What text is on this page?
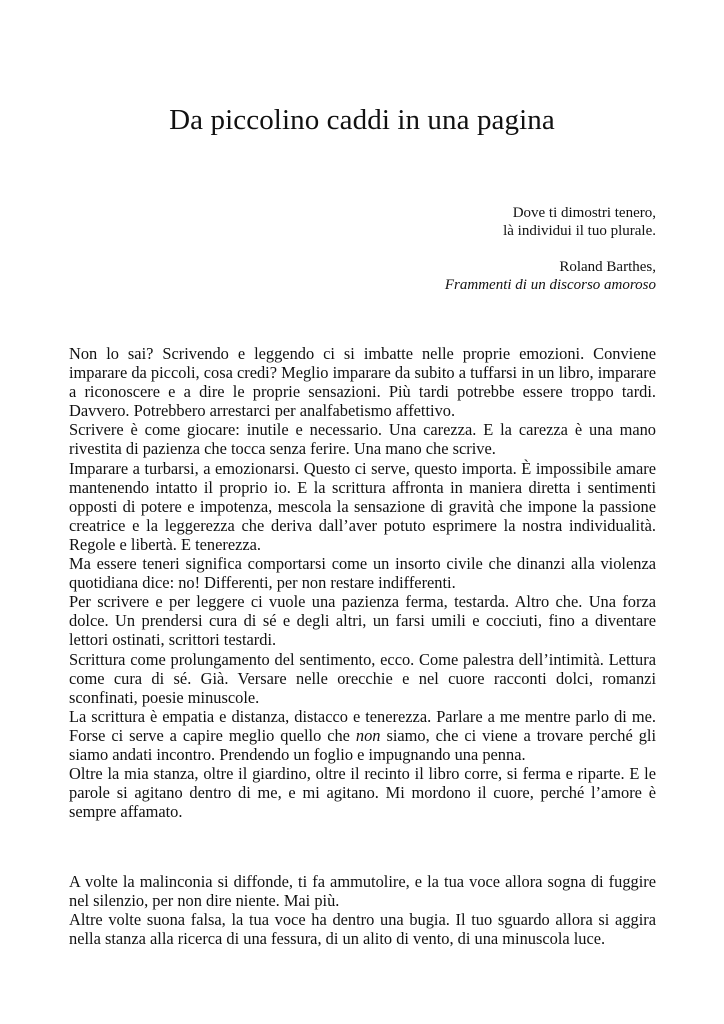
Da piccolino caddi in una pagina

Dove ti dimostri tenero,

là individui il tuo plurale.

Roland Barthes,

Frammenti di un discorso amoroso

Non lo sai? Scrivendo e leggendo ci si imbatte nelle proprie emozioni. Conviene imparare da piccoli, cosa credi? Meglio imparare da subito a tuffarsi in un libro, imparare a riconoscere e a dire le proprie sensazioni. Più tardi potrebbe essere troppo tardi. Davvero. Potrebbero arrestarci per analfabetismo affettivo.

Scrivere è come giocare: inutile e necessario. Una carezza. E la carezza è una mano rivestita di pazienza che tocca senza ferire. Una mano che scrive.

Imparare a turbarsi, a emozionarsi. Questo ci serve, questo importa. È impossibile amare mantenendo intatto il proprio io. E la scrittura affronta in maniera diretta i sentimenti opposti di potere e impotenza, mescola la sensazione di gravità che impone la passione creatrice e la leggerezza che deriva dall’aver potuto esprimere la nostra individualità. Regole e libertà. E tenerezza.

Ma essere teneri significa comportarsi come un insorto civile che dinanzi alla violenza quotidiana dice: no! Differenti, per non restare indifferenti.

Per scrivere e per leggere ci vuole una pazienza ferma, testarda. Altro che. Una forza dolce. Un prendersi cura di sé e degli altri, un farsi umili e cocciuti, fino a diventare lettori ostinati, scrittori testardi.

Scrittura come prolungamento del sentimento, ecco. Come palestra dell’intimità. Lettura come cura di sé. Già. Versare nelle orecchie e nel cuore racconti dolci, romanzi sconfinati, poesie minuscole.

La scrittura è empatia e distanza, distacco e tenerezza. Parlare a me mentre parlo di me. Forse ci serve a capire meglio quello che non siamo, che ci viene a trovare perché gli siamo andati incontro. Prendendo un foglio e impugnando una penna.

Oltre la mia stanza, oltre il giardino, oltre il recinto il libro corre, si ferma e riparte. E le parole si agitano dentro di me, e mi agitano. Mi mordono il cuore, perché l’amore è sempre affamato.

A volte la malinconia si diffonde, ti fa ammutolire, e la tua voce allora sogna di fuggire nel silenzio, per non dire niente. Mai più.

Altre volte suona falsa, la tua voce ha dentro una bugia. Il tuo sguardo allora si aggira nella stanza alla ricerca di una fessura, di un alito di vento, di una minuscola luce.
